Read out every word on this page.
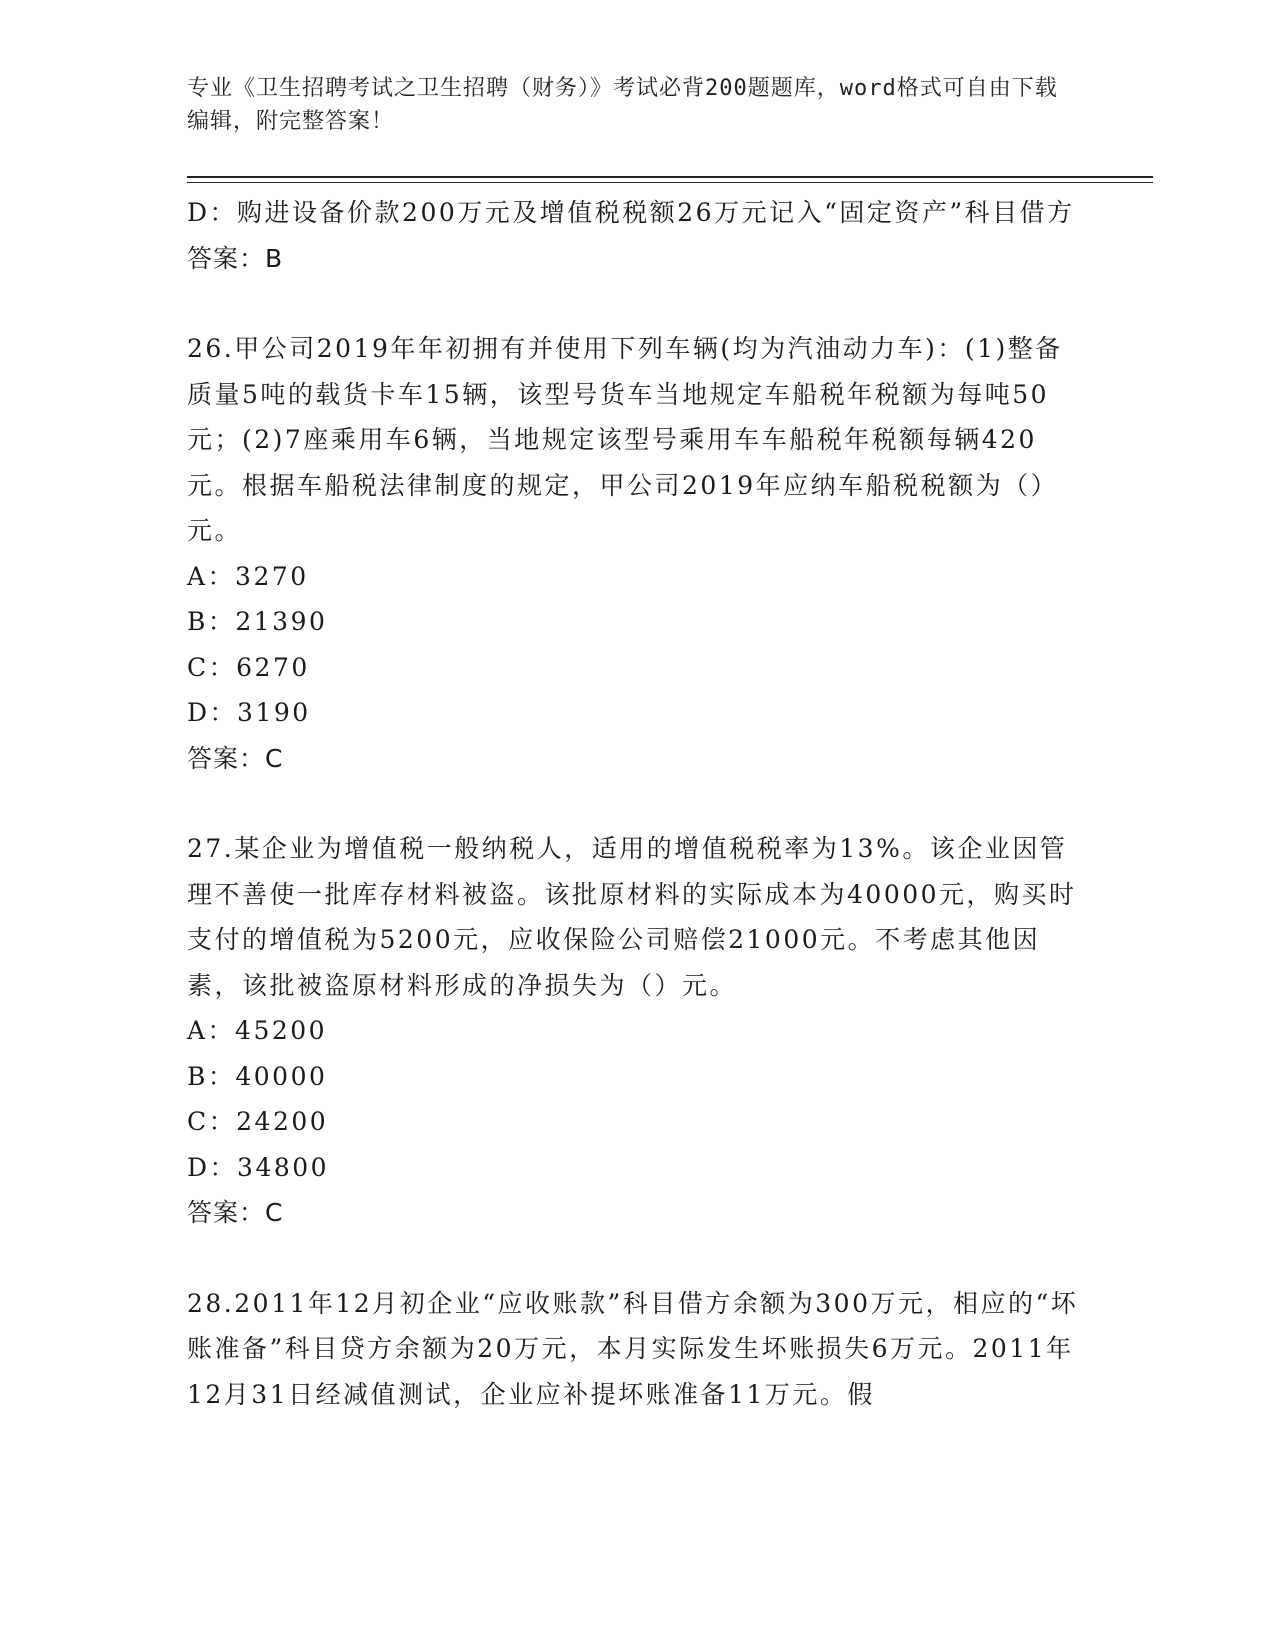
专业《卫生招聘考试之卫生招聘（财务）》考试必背200题题库，word格式可自由下载编辑，附完整答案！

D：购进设备价款200万元及增值税税额26万元记入“固定资产”科目借方

答案：B

26.甲公司2019年年初拥有并使用下列车辆(均为汽油动力车)：(1)整备质量5吨的载货卡车15辆，该型号货车当地规定车船税年税额为每吨50元；(2)7座乘用车6辆，当地规定该型号乘用车车船税年税额每辆420元。根据车船税法律制度的规定，甲公司2019年应纳车船税税额为（）元。

A：3270

B：21390

C：6270

D：3190

答案：C

27.某企业为增值税一般纳税人，适用的增值税税率为13%。该企业因管理不善使一批库存材料被盗。该批原材料的实际成本为40000元，购买时支付的增值税为5200元，应收保险公司赔偿21000元。不考虑其他因素，该批被盗原材料形成的净损失为（）元。

A：45200

B：40000

C：24200

D：34800

答案：C

28.2011年12月初企业“应收账款”科目借方余额为300万元，相应的“坏账准备”科目贷方余额为20万元，本月实际发生坏账损失6万元。2011年12月31日经减值测试，企业应补提坏账准备11万元。假
